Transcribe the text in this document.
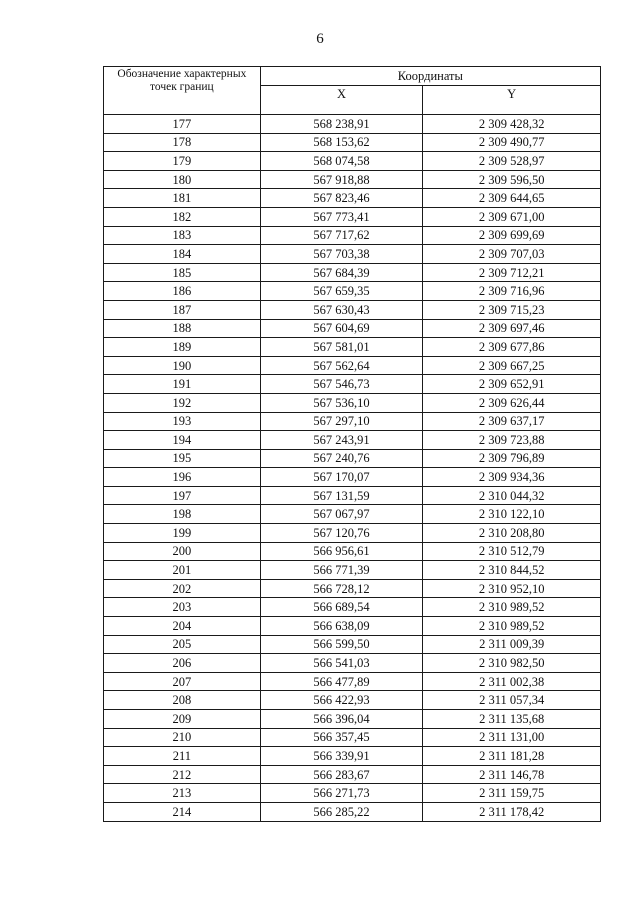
6
Обозначение характерных точек границ	Координаты	
	X	Y
177	568 238,91	2 309 428,32
178	568 153,62	2 309 490,77
179	568 074,58	2 309 528,97
180	567 918,88	2 309 596,50
181	567 823,46	2 309 644,65
182	567 773,41	2 309 671,00
183	567 717,62	2 309 699,69
184	567 703,38	2 309 707,03
185	567 684,39	2 309 712,21
186	567 659,35	2 309 716,96
187	567 630,43	2 309 715,23
188	567 604,69	2 309 697,46
189	567 581,01	2 309 677,86
190	567 562,64	2 309 667,25
191	567 546,73	2 309 652,91
192	567 536,10	2 309 626,44
193	567 297,10	2 309 637,17
194	567 243,91	2 309 723,88
195	567 240,76	2 309 796,89
196	567 170,07	2 309 934,36
197	567 131,59	2 310 044,32
198	567 067,97	2 310 122,10
199	567 120,76	2 310 208,80
200	566 956,61	2 310 512,79
201	566 771,39	2 310 844,52
202	566 728,12	2 310 952,10
203	566 689,54	2 310 989,52
204	566 638,09	2 310 989,52
205	566 599,50	2 311 009,39
206	566 541,03	2 310 982,50
207	566 477,89	2 311 002,38
208	566 422,93	2 311 057,34
209	566 396,04	2 311 135,68
210	566 357,45	2 311 131,00
211	566 339,91	2 311 181,28
212	566 283,67	2 311 146,78
213	566 271,73	2 311 159,75
214	566 285,22	2 311 178,42
